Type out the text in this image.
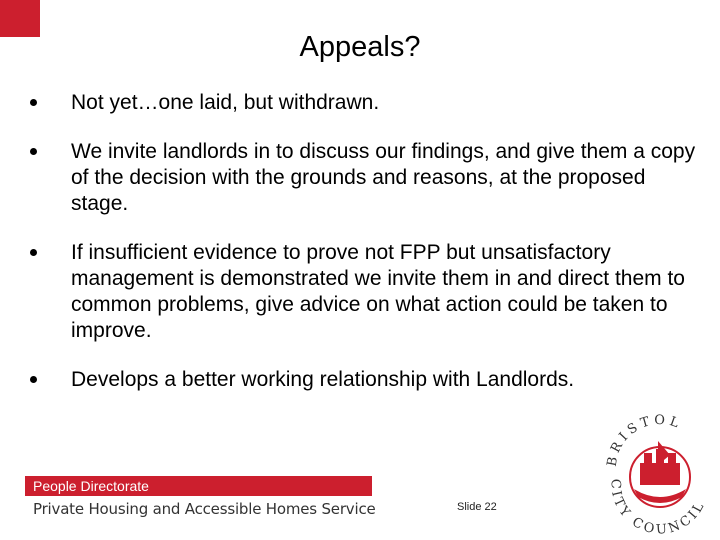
Appeals?
Not yet…one laid, but withdrawn.
We invite landlords in to discuss our findings, and give them a copy of the decision with the grounds and reasons, at the proposed stage.
If insufficient evidence to prove not FPP but unsatisfactory management is demonstrated we invite them in and direct them to common problems, give advice on what action could be taken to improve.
Develops a better working relationship with Landlords.
People Directorate
Private Housing and Accessible Homes Service	Slide 22
BRISTOL
CITY COUNCIL
